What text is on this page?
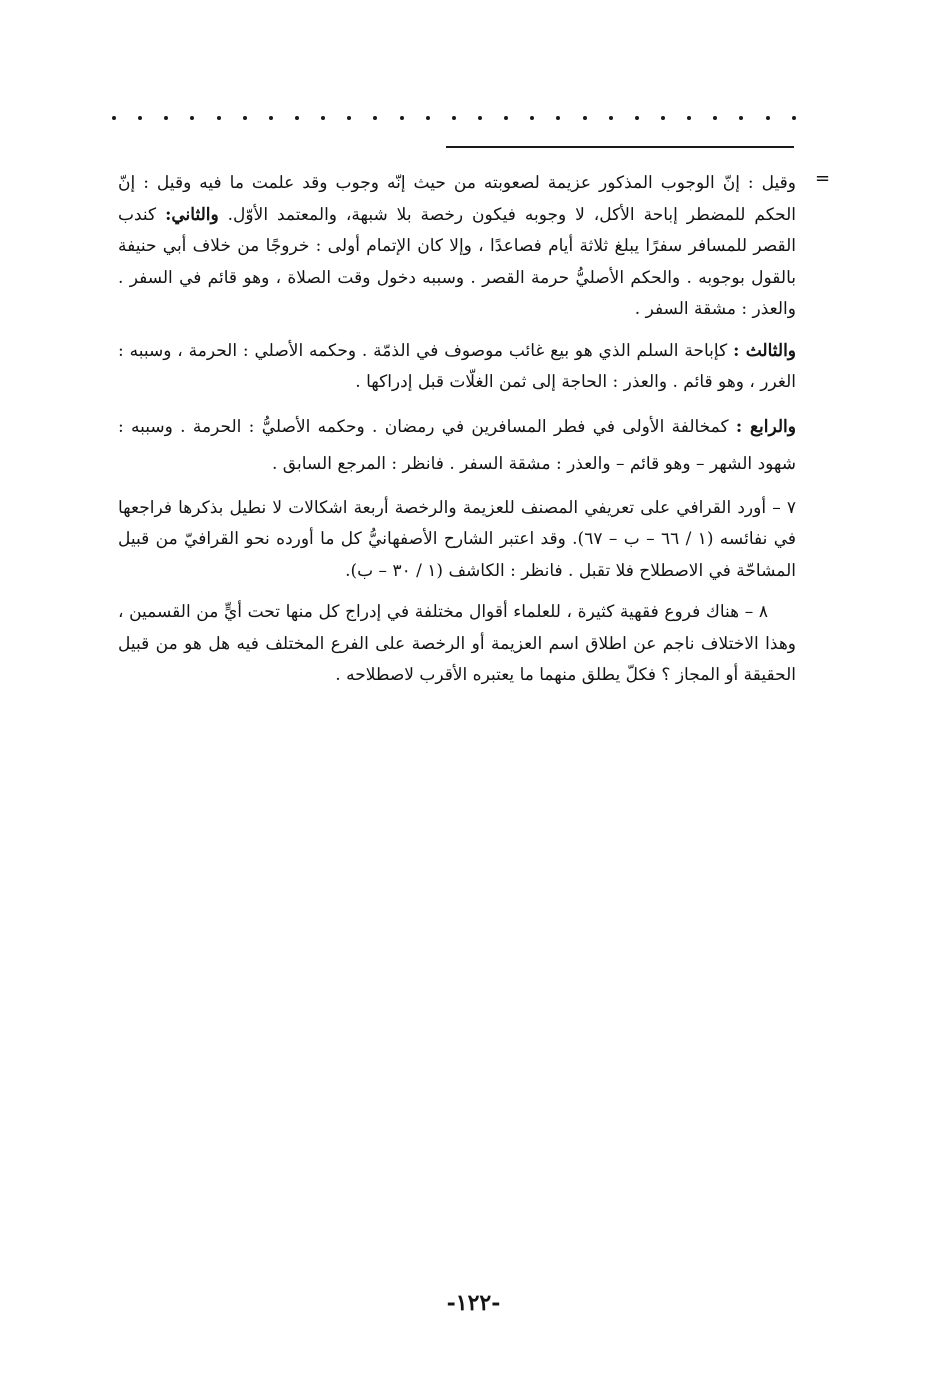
=

وقيل : إنّ الوجوب المذكور عزيمة لصعوبته من حيث إنّه وجوب وقد علمت ما فيه وقيل : إنّ الحكم للمضطر إباحة الأكل، لا وجوبه فيكون رخصة بلا شبهة، والمعتمد الأوّل. والثاني: كندب القصر للمسافر سفرًا يبلغ ثلاثة أيام فصاعدًا ، وإلا كان الإتمام أولى : خروجًا من خلاف أبي حنيفة بالقول بوجوبه . والحكم الأصليُّ حرمة القصر . وسببه دخول وقت الصلاة ، وهو قائم في السفر . والعذر : مشقة السفر .

والثالث : كإباحة السلم الذي هو بيع غائب موصوف في الذمّة . وحكمه الأصلي : الحرمة ، وسببه : الغرر ، وهو قائم . والعذر : الحاجة إلى ثمن الغلّات قبل إدراكها .

والرابع : كمخالفة الأولى في فطر المسافرين في رمضان . وحكمه الأصليُّ : الحرمة . وسببه : شهود الشهر – وهو قائم – والعذر : مشقة السفر . فانظر : المرجع السابق .

٧ – أورد القرافي على تعريفي المصنف للعزيمة والرخصة أربعة اشكالات لا نطيل بذكرها فراجعها في نفائسه (١ / ٦٦ – ب – ٦٧). وقد اعتبر الشارح الأصفهانيُّ كل ما أورده نحو القرافيّ من قبيل المشاحّة في الاصطلاح فلا تقبل . فانظر : الكاشف (١ / ٣٠ – ب).

٨ – هناك فروع فقهية كثيرة ، للعلماء أقوال مختلفة في إدراج كل منها تحت أيٍّ من القسمين ، وهذا الاختلاف ناجم عن اطلاق اسم العزيمة أو الرخصة على الفرع المختلف فيه هل هو من قبيل الحقيقة أو المجاز ؟ فكلّ يطلق منهما ما يعتبره الأقرب لاصطلاحه .

-١٢٢-
